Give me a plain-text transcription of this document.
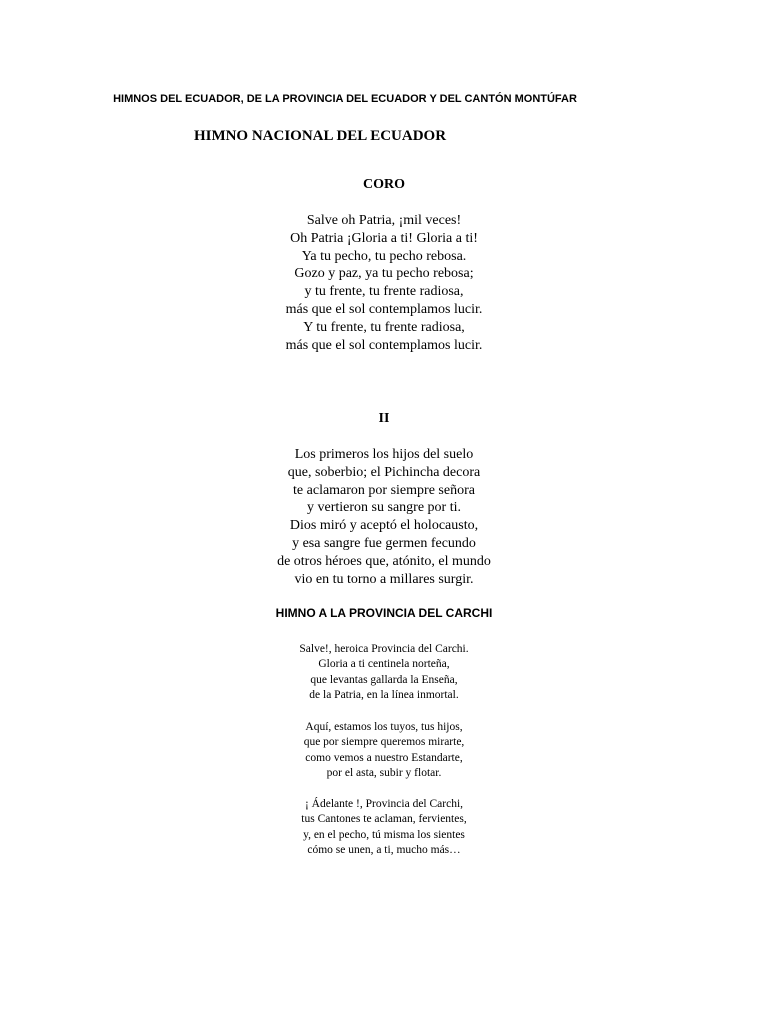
HIMNOS DEL ECUADOR, DE LA PROVINCIA DEL ECUADOR Y DEL CANTÓN MONTÚFAR
HIMNO NACIONAL DEL ECUADOR
CORO
Salve oh Patria, ¡mil veces!
Oh Patria ¡Gloria a ti! Gloria a ti!
Ya tu pecho, tu pecho rebosa.
Gozo y paz, ya tu pecho rebosa;
y tu frente, tu frente radiosa,
más que el sol contemplamos lucir.
Y tu frente, tu frente radiosa,
más que el sol contemplamos lucir.
II
Los primeros los hijos del suelo
que, soberbio; el Pichincha decora
te aclamaron por siempre señora
y vertieron su sangre por ti.
Dios miró y aceptó el holocausto,
y esa sangre fue germen fecundo
de otros héroes que, atónito, el mundo
vio en tu torno a millares surgir.
HIMNO A LA PROVINCIA DEL CARCHI
Salve!, heroica Provincia del Carchi.
Gloria a ti centinela norteña,
que levantas gallarda la Enseña,
de la Patria, en la línea inmortal.
Aquí, estamos los tuyos, tus hijos,
que por siempre queremos mirarte,
como vemos a nuestro Estandarte,
por el asta, subir y flotar.
¡ Ádelante !, Provincia del Carchi,
tus Cantones te aclaman, fervientes,
y, en el pecho, tú misma los sientes
cómo se unen, a ti, mucho más…
